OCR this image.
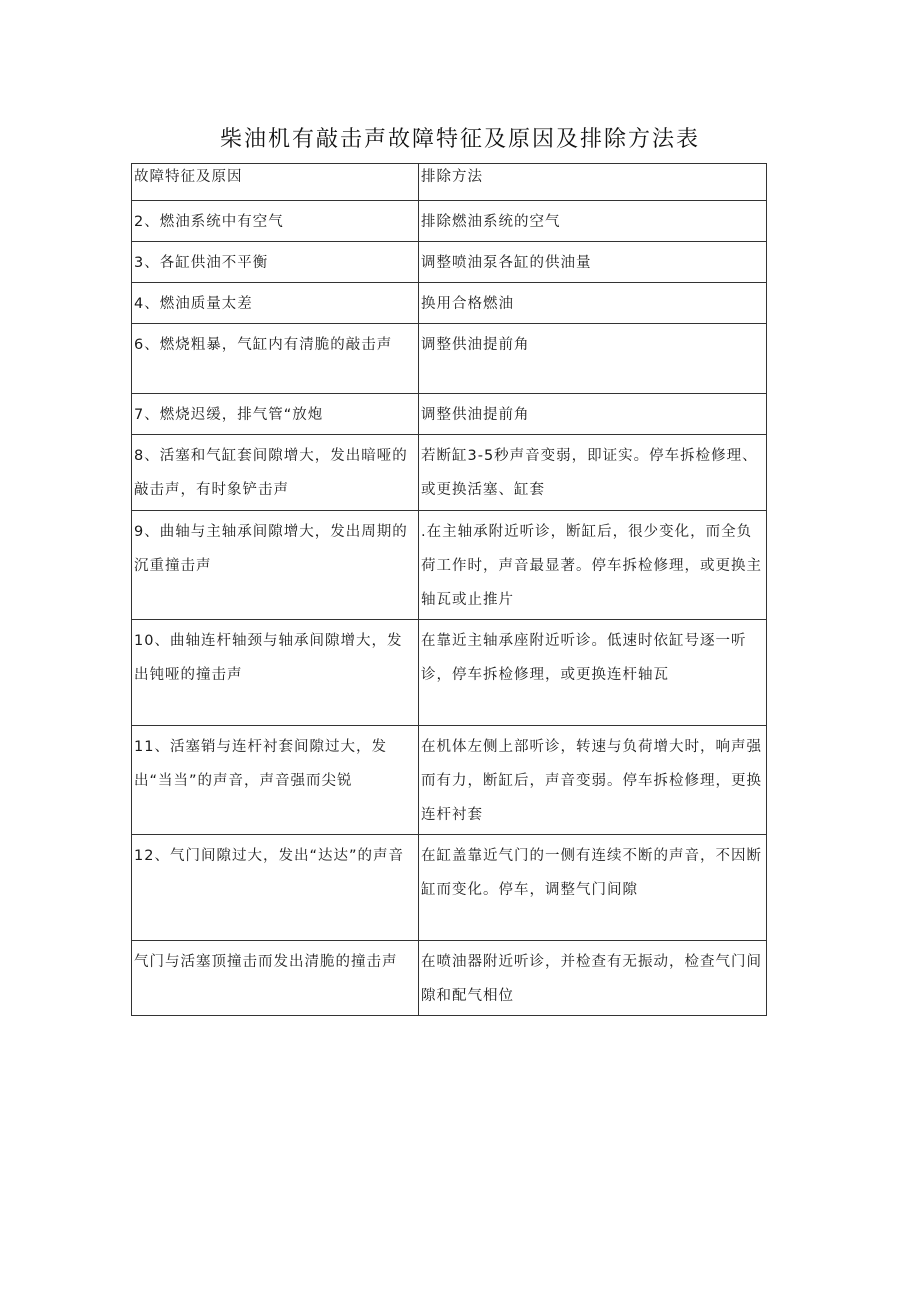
柴油机有敲击声故障特征及原因及排除方法表
故障特征及原因	排除方法

2、燃油系统中有空气	排除燃油系统的空气

3、各缸供油不平衡	调整喷油泵各缸的供油量

4、燃油质量太差	换用合格燃油

6、燃烧粗暴，气缸内有清脆的敲击声	调整供油提前角

7、燃烧迟缓，排气管“放炮	调整供油提前角

8、活塞和气缸套间隙增大，发出暗哑的敲击声，有时象铲击声	若断缸3-5秒声音变弱，即证实。停车拆检修理、或更换活塞、缸套

9、曲轴与主轴承间隙增大，发出周期的沉重撞击声	.在主轴承附近听诊，断缸后，很少变化，而全负荷工作时，声音最显著。停车拆检修理，或更换主轴瓦或止推片

10、曲轴连杆轴颈与轴承间隙增大，发出钝哑的撞击声	在靠近主轴承座附近听诊。低速时依缸号逐一听诊，停车拆检修理，或更换连杆轴瓦

11、活塞销与连杆衬套间隙过大，发出“当当”的声音，声音强而尖锐	在机体左侧上部听诊，转速与负荷增大时，响声强而有力，断缸后，声音变弱。停车拆检修理，更换连杆衬套

12、气门间隙过大，发出“达达”的声音	在缸盖靠近气门的一侧有连续不断的声音，不因断缸而变化。停车，调整气门间隙

气门与活塞顶撞击而发出清脆的撞击声	在喷油器附近听诊，并检查有无振动，检查气门间隙和配气相位
